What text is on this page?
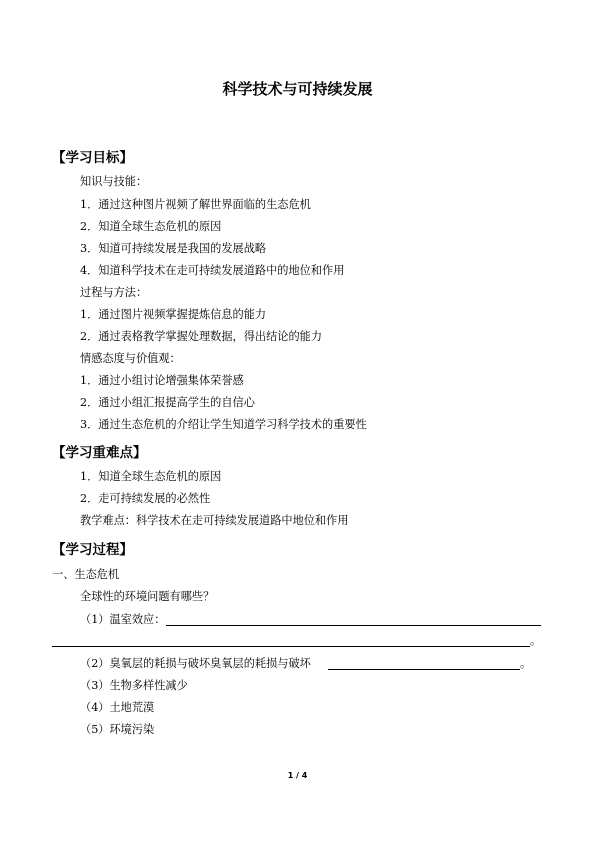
科学技术与可持续发展
【学习目标】
知识与技能：
1．通过这种图片视频了解世界面临的生态危机
2．知道全球生态危机的原因
3．知道可持续发展是我国的发展战略
4．知道科学技术在走可持续发展道路中的地位和作用
过程与方法：
1．通过图片视频掌握提炼信息的能力
2．通过表格教学掌握处理数据，得出结论的能力
情感态度与价值观：
1．通过小组讨论增强集体荣誉感
2．通过小组汇报提高学生的自信心
3．通过生态危机的介绍让学生知道学习科学技术的重要性
【学习重难点】
1．知道全球生态危机的原因
2．走可持续发展的必然性
教学难点：科学技术在走可持续发展道路中地位和作用
【学习过程】
一、生态危机
全球性的环境问题有哪些？
（1）温室效应：
。
（2）臭氧层的耗损与破坏臭氧层的耗损与破坏	。
（3）生物多样性减少
（4）土地荒漠
（5）环境污染
1 / 4
